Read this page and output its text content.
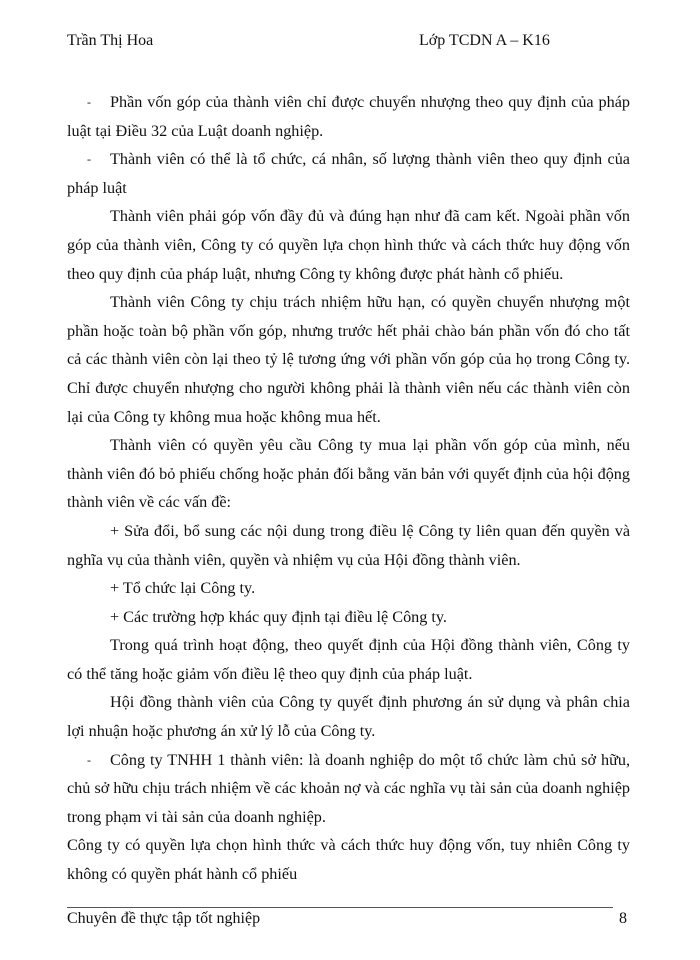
Trần Thị Hoa	Lớp TCDN A – K16

- Phần vốn góp của thành viên chỉ được chuyển nhượng theo quy định của pháp luật tại Điều 32 của Luật doanh nghiệp.

- Thành viên có thể là tổ chức, cá nhân, số lượng thành viên theo quy định của pháp luật

Thành viên phải góp vốn đầy đủ và đúng hạn như đã cam kết. Ngoài phần vốn góp của thành viên, Công ty có quyền lựa chọn hình thức và cách thức huy động vốn theo quy định của pháp luật, nhưng Công ty không được phát hành cổ phiếu.

Thành viên Công ty chịu trách nhiệm hữu hạn, có quyền chuyển nhượng một phần hoặc toàn bộ phần vốn góp, nhưng trước hết phải chào bán phần vốn đó cho tất cả các thành viên còn lại theo tỷ lệ tương ứng với phần vốn góp của họ trong Công ty. Chỉ được chuyển nhượng cho người không phải là thành viên nếu các thành viên còn lại của Công ty không mua hoặc không mua hết.

Thành viên có quyền yêu cầu Công ty mua lại phần vốn góp của mình, nếu thành viên đó bỏ phiếu chống hoặc phản đối bằng văn bản với quyết định của hội động thành viên về các vấn đề:

+ Sửa đổi, bổ sung các nội dung trong điều lệ Công ty liên quan đến quyền và nghĩa vụ của thành viên, quyền và nhiệm vụ của Hội đồng thành viên.

+ Tổ chức lại Công ty.

+ Các trường hợp khác quy định tại điều lệ Công ty.

Trong quá trình hoạt động, theo quyết định của Hội đồng thành viên, Công ty có thể tăng hoặc giảm vốn điều lệ theo quy định của pháp luật.

Hội đồng thành viên của Công ty quyết định phương án sử dụng và phân chia lợi nhuận hoặc phương án xử lý lỗ của Công ty.

- Công ty TNHH 1 thành viên: là doanh nghiệp do một tổ chức làm chủ sở hữu, chủ sở hữu chịu trách nhiệm về các khoản nợ và các nghĩa vụ tài sản của doanh nghiệp trong phạm vi tài sản của doanh nghiệp.

Công ty có quyền lựa chọn hình thức và cách thức huy động vốn, tuy nhiên Công ty không có quyền phát hành cổ phiếu

Chuyên đề thực tập tốt nghiệp	8
